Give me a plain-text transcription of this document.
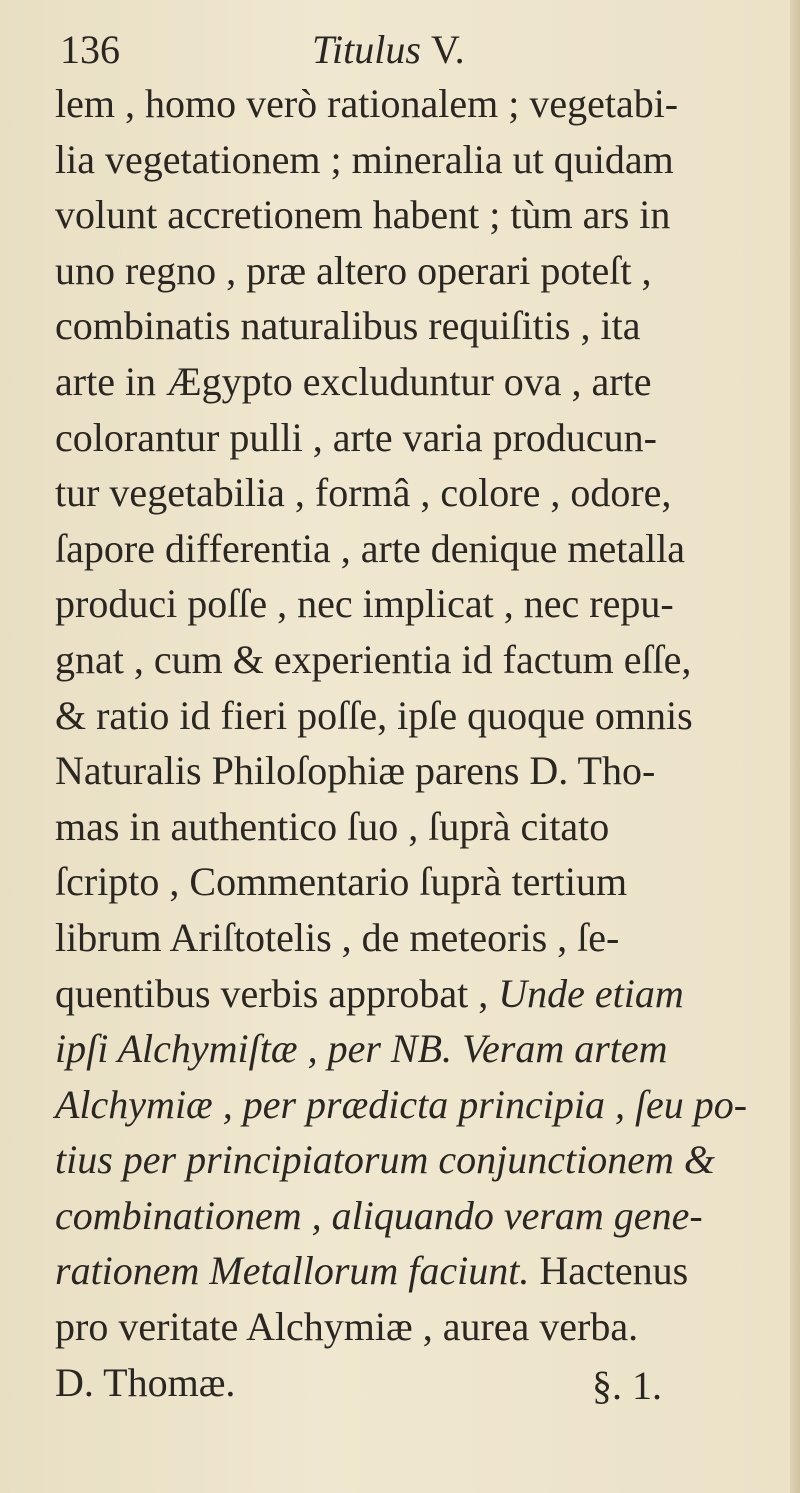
136	Titulus V.
lem , homo verò rationalem ; vegetabi-
lia vegetationem ; mineralia ut quidam
volunt accretionem habent ; tùm ars in
uno regno , præ altero operari poteſt ,
combinatis naturalibus requiſitis , ita
arte in Ægypto excluduntur ova , arte
colorantur pulli , arte varia producun-
tur vegetabilia , formâ , colore , odore,
ſapore differentia , arte denique metalla
produci poſſe , nec implicat , nec repu-
gnat , cum & experientia id factum eſſe,
& ratio id fieri poſſe, ipſe quoque omnis
Naturalis Philoſophiæ parens D. Tho-
mas in authentico ſuo , ſuprà citato
ſcripto , Commentario ſuprà tertium
librum Ariſtotelis , de meteoris , ſe-
quentibus verbis approbat , Unde etiam
ipſi Alchymiſtæ , per NB. Veram artem
Alchymiæ , per prædicta principia , ſeu po-
tius per principiatorum conjunctionem &
combinationem , aliquando veram gene-
rationem Metallorum faciunt. Hactenus
pro veritate Alchymiæ , aurea verba.
D. Thomæ.	§. 1.
